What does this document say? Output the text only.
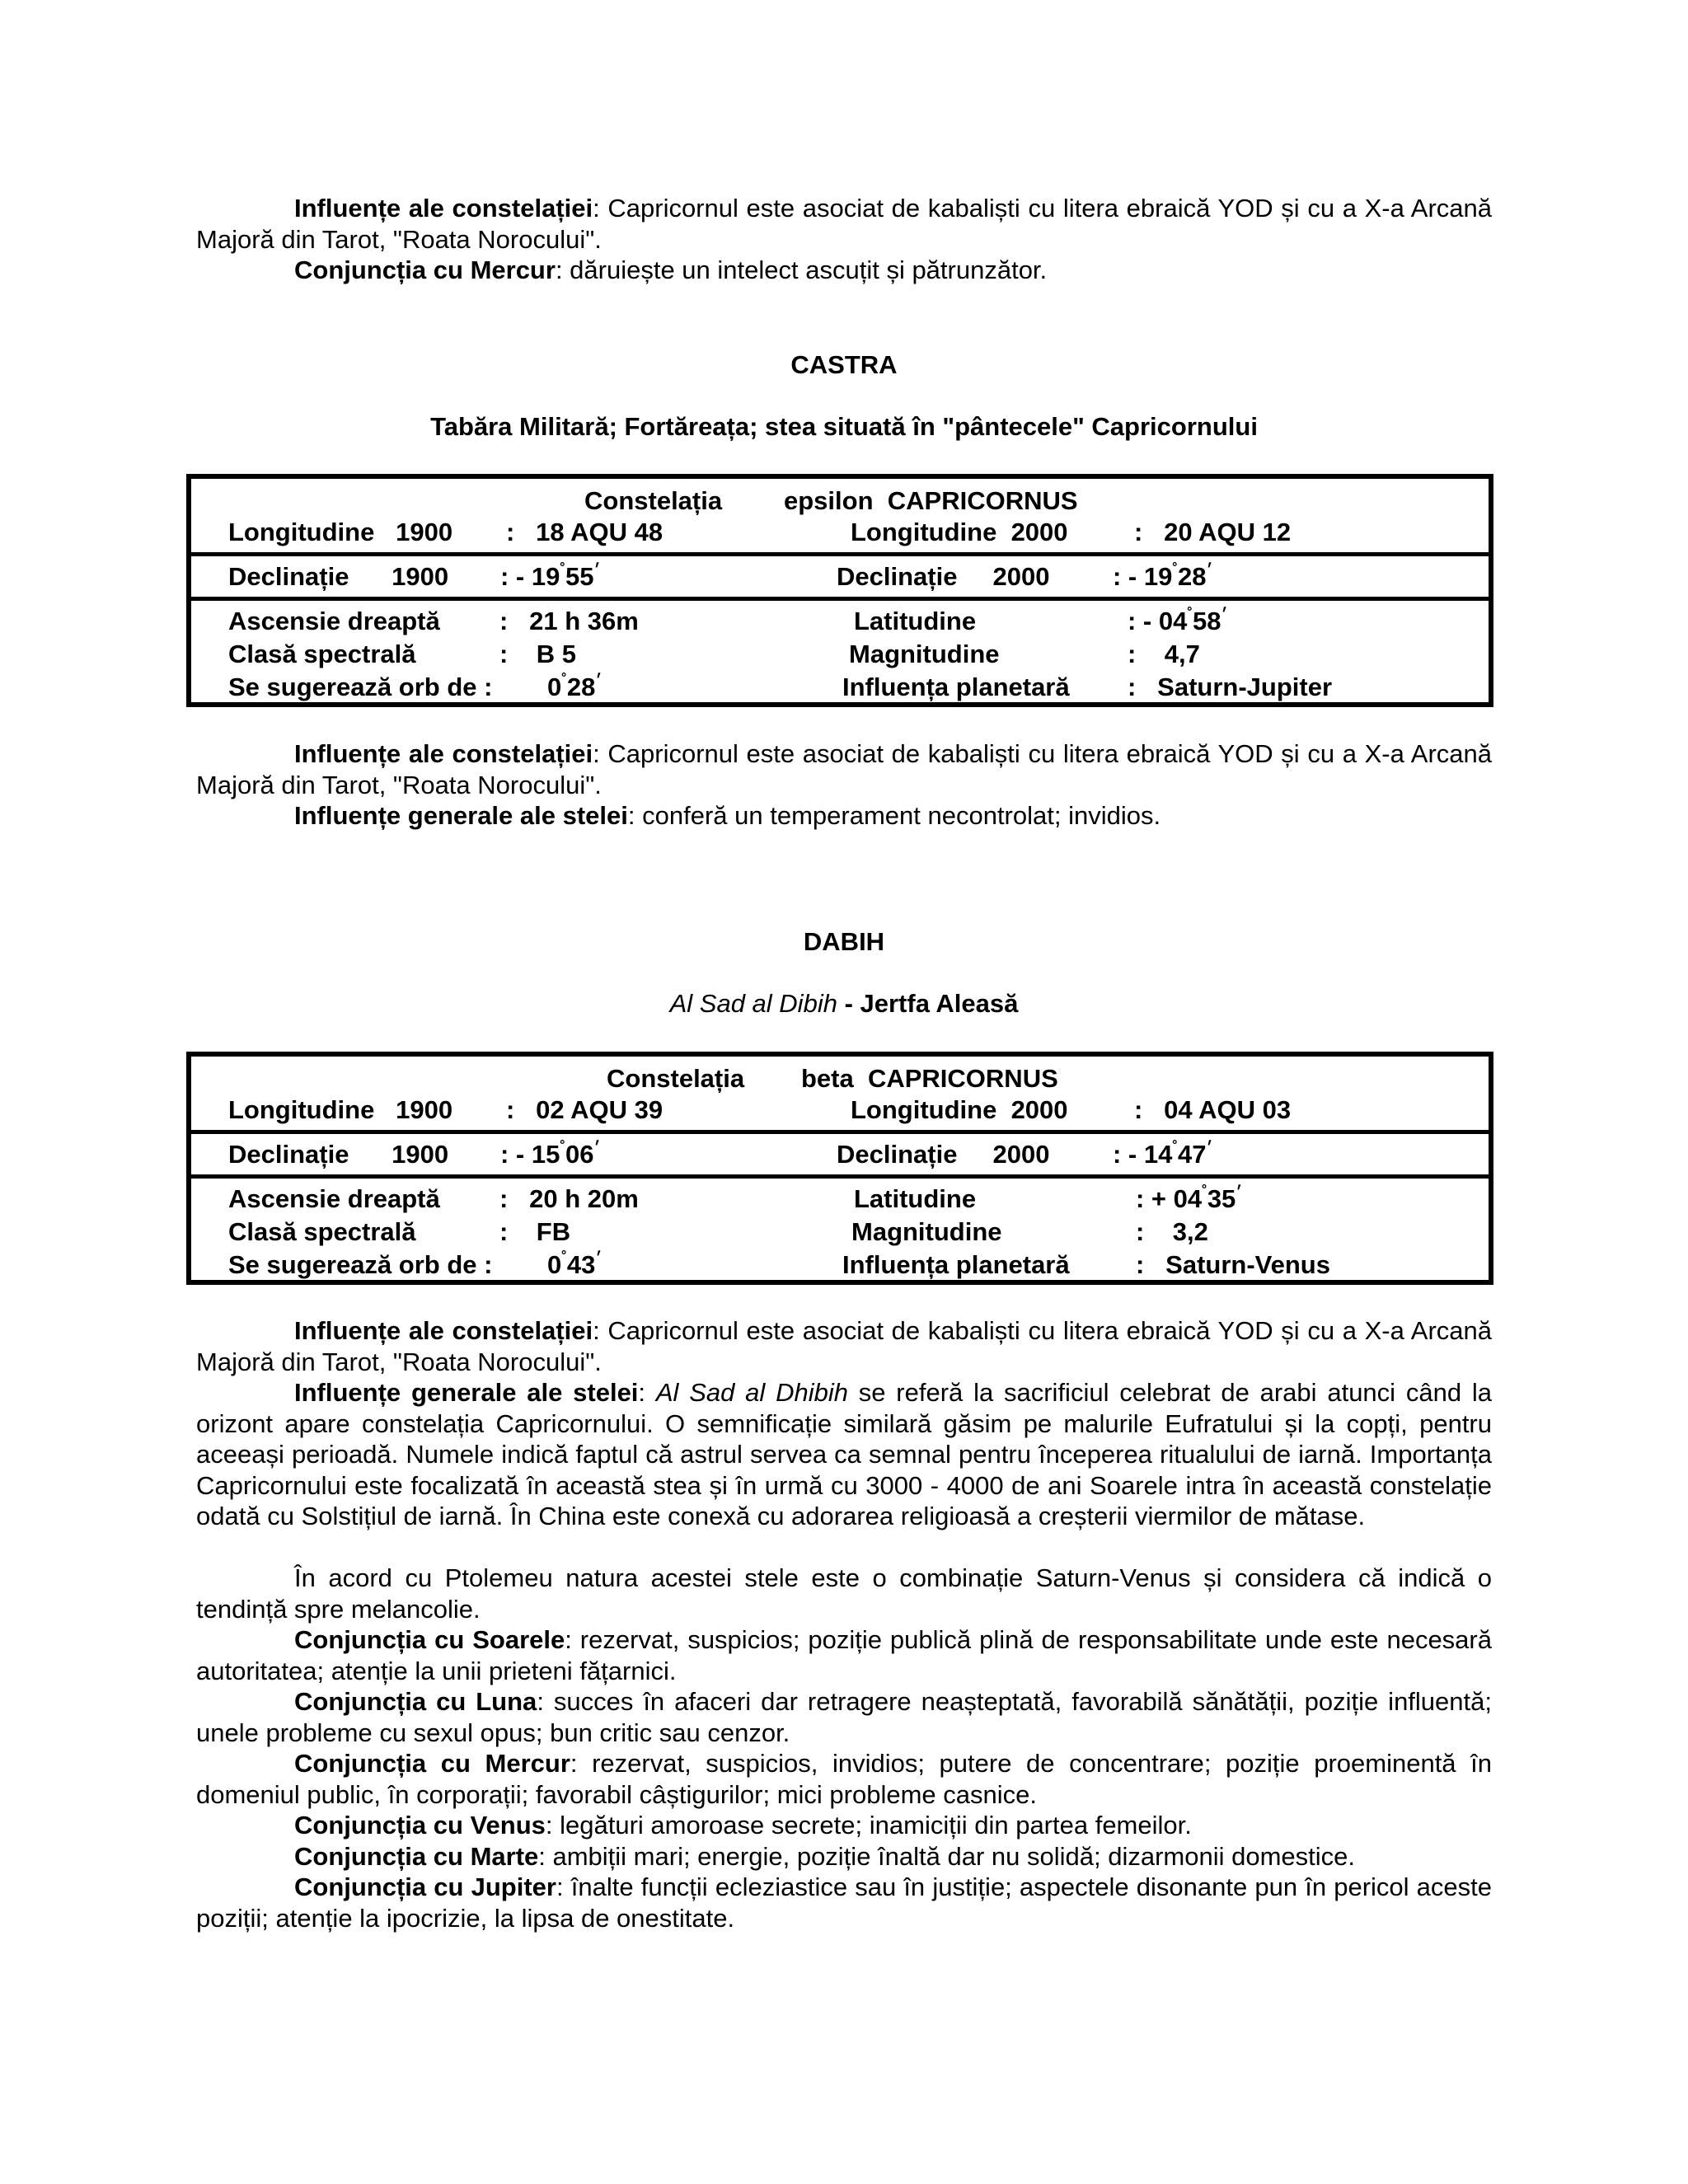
Influențe ale constelației: Capricornul este asociat de kabaliști cu litera ebraică YOD și cu a X-a Arcană Majoră din Tarot, "Roata Norocului".

Conjuncția cu Mercur: dăruiește un intelect ascuțit și pătrunzător.

CASTRA
Tabăra Militară; Fortăreața; stea situată în "pântecele" Capricornului
Constelația epsilon  CAPRICORNUS
Longitudine   1900 :   18 AQU 48	Longitudine  2000	:   20 AQU 12
Declinație      1900 : - 19˚55׳	Declinație     2000 : - 19˚28׳
Ascensie dreaptă :   21 h 36m	Latitudine	: - 04˚58׳
Clasă spectrală	:    B 5	Magnitudine	:    4,7
Se sugerează orb de : 0˚28׳	Influența planetară :   Saturn-Jupiter

Influențe ale constelației: Capricornul este asociat de kabaliști cu litera ebraică YOD și cu a X-a Arcană Majoră din Tarot, "Roata Norocului".

Influențe generale ale stelei: conferă un temperament necontrolat; invidios.

DABIH
Al Sad al Dibih - Jertfa Aleasă
Constelația beta  CAPRICORNUS
Longitudine   1900 :   02 AQU 39	Longitudine  2000	:   04 AQU 03
Declinație      1900 : - 15˚06׳	Declinație     2000 : - 14˚47׳
Ascensie dreaptă :   20 h 20m	Latitudine	: + 04˚35׳
Clasă spectrală	:    FB	Magnitudine	:    3,2
Se sugerează orb de : 0˚43׳	Influența planetară	:   Saturn-Venus

Influențe ale constelației: Capricornul este asociat de kabaliști cu litera ebraică YOD și cu a X-a Arcană Majoră din Tarot, "Roata Norocului".

Influențe generale ale stelei: Al Sad al Dhibih se referă la sacrificiul celebrat de arabi atunci când la orizont apare constelația Capricornului. O semnificație similară găsim pe malurile Eufratului și la copți, pentru aceeași perioadă. Numele indică faptul că astrul servea ca semnal pentru începerea ritualului de iarnă. Importanța Capricornului este focalizată în această stea și în urmă cu 3000 - 4000 de ani Soarele intra în această constelație odată cu Solstițiul de iarnă. În China este conexă cu adorarea religioasă a creșterii viermilor de mătase.

În acord cu Ptolemeu natura acestei stele este o combinație Saturn-Venus și considera că indică o tendință spre melancolie.

Conjuncția cu Soarele: rezervat, suspicios; poziție publică plină de responsabilitate unde este necesară autoritatea; atenție la unii prieteni fățarnici.

Conjuncția cu Luna: succes în afaceri dar retragere neașteptată, favorabilă sănătății, poziție influentă; unele probleme cu sexul opus; bun critic sau cenzor.

Conjuncția cu Mercur: rezervat, suspicios, invidios; putere de concentrare; poziție proeminentă în domeniul public, în corporații; favorabil câștigurilor; mici probleme casnice.

Conjuncția cu Venus: legături amoroase secrete; inamiciții din partea femeilor.

Conjuncția cu Marte: ambiții mari; energie, poziție înaltă dar nu solidă; dizarmonii domestice.

Conjuncția cu Jupiter: înalte funcții ecleziastice sau în justiție; aspectele disonante pun în pericol aceste poziții; atenție la ipocrizie, la lipsa de onestitate.
